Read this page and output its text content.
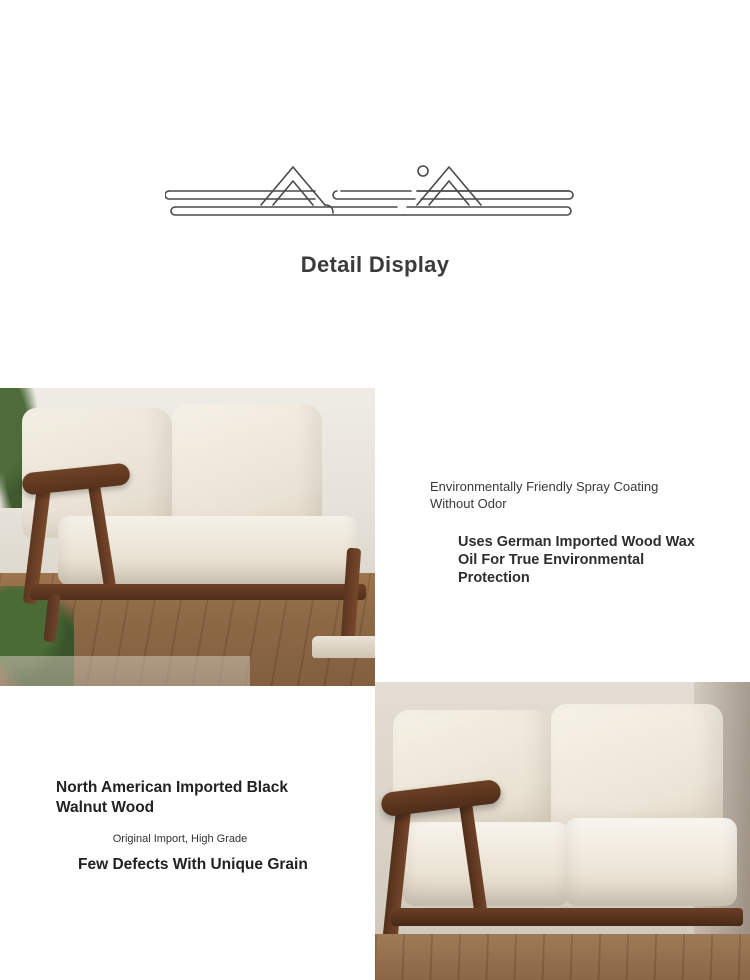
Detail Display
Environmentally Friendly Spray Coating Without Odor
Uses German Imported Wood Wax Oil For True Environmental Protection
North American Imported Black Walnut Wood
Original Import, High Grade
Few Defects With Unique Grain
